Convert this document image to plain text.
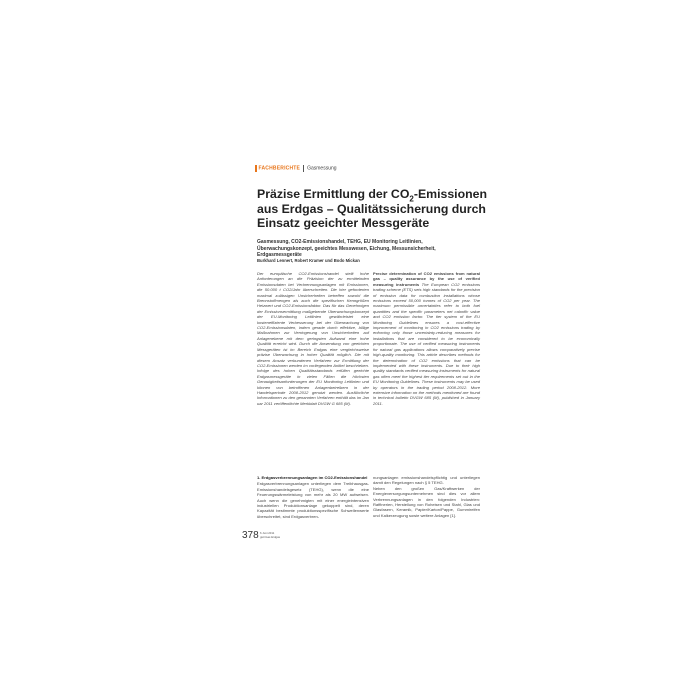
FACHBERICHTE Gasmessung
Präzise Ermittlung der $CO_2$-Emissionen
aus Erdgas – Qualitätssicherung durch
Einsatz geeichter Messgeräte
Gasmessung, CO2-Emissionshandel, TEHG, EU Monitoring Leitlinien, Überwachungskonzept, geeichtes Messwesen, Eichung, Messunsicherheit, Erdgasmessgeräte
Burkhard Lennert, Robert Kramer und Bodo Mickan
Der europäische CO2-Emissionshandel stellt hohe Anforderungen an die Präzision der zu ermittelnden Emissionsdaten bei Verbrennungsanlagen mit Emissionen, die 50.000 t CO2/Jahr überschreiten. Die hier geforderten maximal zulässigen Unsicherheiten betreffen sowohl die Brennstoffmengen als auch die spezifischen Kenngrößen Heizwert und CO2-Emissionsfaktor. Das für das Genehmigen der Emissionsermittlung maßgebende Überwachungskonzept der EU-Monitoring Leitlinien gewährleistet eine kosteneffiziente Verbesserung bei der Überwachung von CO2-Emissionsdaten, indem gerade durch effektive, billige Maßnahmen zur Verringerung von Unsicherheiten auf Anlagenebene mit dem geringsten Aufwand eine hohe Qualität erreicht wird. Durch die Anwendung von geeichten Messgeräten ist im Bereich Erdgas eine vergleichsweise präzise Überwachung in hoher Qualität möglich. Die mit diesem Ansatz verbundenen Verfahren zur Ermittlung der CO2-Emissionen werden im vorliegenden Artikel beschrieben. Infolge des hohen Qualitätsstandards erfüllen geeichte Erdgasmessgeräte in vielen Fällen die höchsten Genauigkeitsanforderungen der EU Monitoring Leitlinien und können von betroffenen Anlagenbetreibern in der Handelsperiode 2008-2012 genutzt werden. Ausführliche Informationen zu den genannten Verfahren enthält das im Jan uar 2011 veröffentlichte Merkblatt DVGW G 685 (M).
Precise determination of CO2 emissions from natural gas – quality assurance by the use of verified measuring instruments The European CO2 emissions trading scheme (ETS) sets high standards for the precision of emission data for combustion installations whose emissions exceed 50,000 tonnes of CO2 per year. The maximum permissible uncertainties refer to both fuel quantities and the specific parameters net calorific value and CO2 emission factor. The tier system of the EU Monitoring Guidelines ensures a cost-effective improvement of monitoring in CO2 emissions trading by enforcing only those uncertainty-reducing measures for installations that are considered to be economically proportionate. The use of verified measuring instruments for natural gas applications allows comparatively precise high-quality monitoring. This article describes methods for the determination of CO2 emissions that can be implemented with these instruments. Due to their high quality standards verified measuring instruments for natural gas often meet the highest tier requirements set out in the EU Monitoring Guidelines. These instruments may be used by operators in the trading period 2008-2012. More extensive information on the methods mentioned are found in technical bulletin DVGW 685 (M), published in January 2011.
1. Erdgasverbrennungsanlagen im CO2-Emissionshandel
Erdgasverbrennungsanlagen unterliegen dem Treibhausgas-Emissionshandelsgesetz (TEHG), wenn die eine Feuerungswärmeleistung von mehr als 20 MW aufweisen. Auch wenn die genehmigten mit einer energieintensiven industriellen Produktionsanlage gekoppelt sind, deren Kapazität bestimmte produktionsspezifische Schwellenwerte überschreitet, sind Erdgasverbren-
nungsanlagen emissionshandelspflichtig und unterliegen damit den Regelungen nach § 5 TEHG.
Neben den großen Gas/Kraftwerken der Energieversorgungsunternehmen sind dies vor allem Verbrennungsanlagen in den folgenden Industrien: Raffinerien, Herstellung von Roheisen und Stahl, Glas und Glasfasern, Keramik, Papier/Karton/Pappe, Gummireifen und Kalkerzeugung sowie weitere Anlagen [1].
378 6 Juni 2011
gwf-Gas Erdgas
